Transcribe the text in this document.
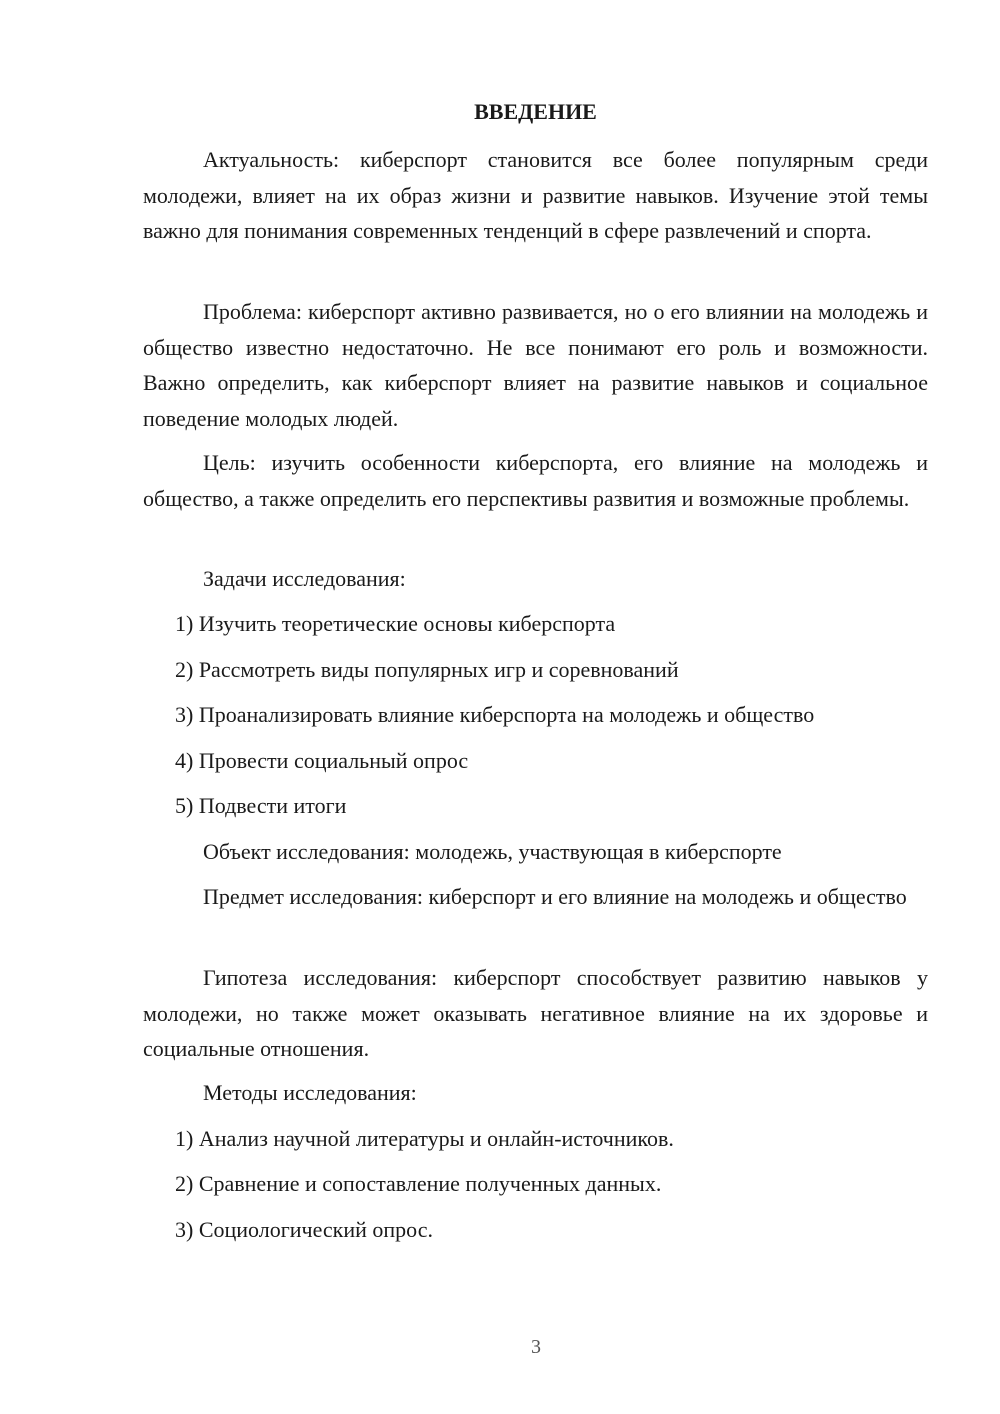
ВВЕДЕНИЕ

Актуальность: киберспорт становится все более популярным среди молодежи, влияет на их образ жизни и развитие навыков. Изучение этой темы важно для понимания современных тенденций в сфере развлечений и спорта.

Проблема: киберспорт активно развивается, но о его влиянии на молодежь и общество известно недостаточно. Не все понимают его роль и возможности. Важно определить, как киберспорт влияет на развитие навыков и социальное поведение молодых людей.

Цель: изучить особенности киберспорта, его влияние на молодежь и общество, а также определить его перспективы развития и возможные проблемы.

Задачи исследования:

1) Изучить теоретические основы киберспорта

2) Рассмотреть виды популярных игр и соревнований

3) Проанализировать влияние киберспорта на молодежь и общество

4) Провести социальный опрос

5) Подвести итоги

Объект исследования: молодежь, участвующая в киберспорте

Предмет исследования: киберспорт и его влияние на молодежь и общество

Гипотеза исследования: киберспорт способствует развитию навыков у молодежи, но также может оказывать негативное влияние на их здоровье и социальные отношения.

Методы исследования:

1) Анализ научной литературы и онлайн-источников.

2) Сравнение и сопоставление полученных данных.

3) Социологический опрос.

3
